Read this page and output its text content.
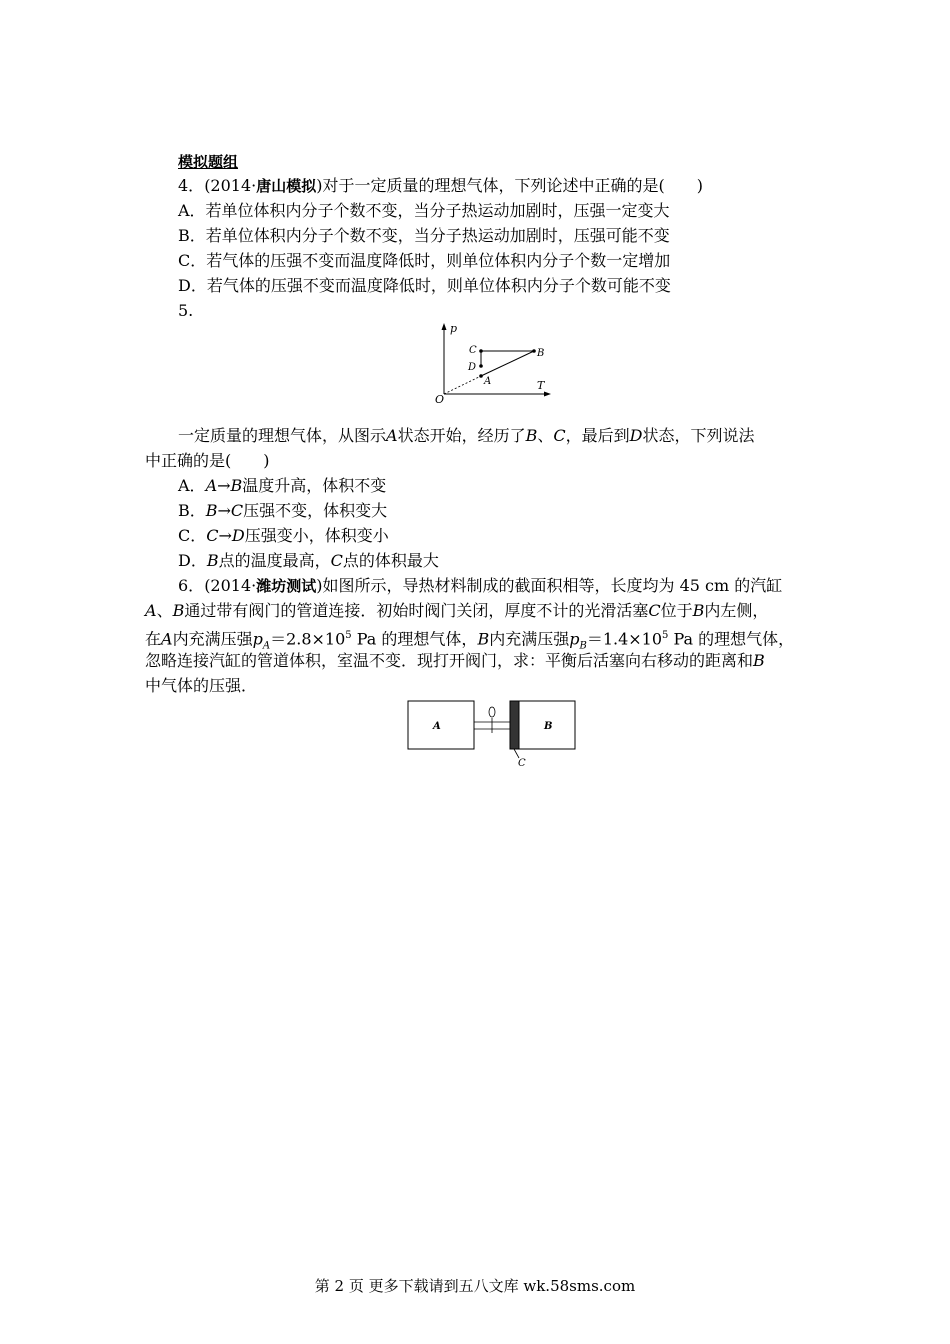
模拟题组
4．(2014·唐山模拟)对于一定质量的理想气体，下列论述中正确的是(　　)
A．若单位体积内分子个数不变，当分子热运动加剧时，压强一定变大
B．若单位体积内分子个数不变，当分子热运动加剧时，压强可能不变
C．若气体的压强不变而温度降低时，则单位体积内分子个数一定增加
D．若气体的压强不变而温度降低时，则单位体积内分子个数可能不变
5.
p
T
O
A
B
C
D
一定质量的理想气体，从图示A状态开始，经历了B、C，最后到D状态，下列说法
中正确的是(　　)
A．A→B温度升高，体积不变
B．B→C压强不变，体积变大
C．C→D压强变小，体积变小
D．B点的温度最高，C点的体积最大
6．(2014·潍坊测试)如图所示，导热材料制成的截面积相等，长度均为 45 cm 的汽缸
A、B通过带有阀门的管道连接．初始时阀门关闭，厚度不计的光滑活塞C位于B内左侧，
在A内充满压强$p_A=2.8\times 10^5$ Pa 的理想气体，B内充满压强$p_B=1.4\times 10^5$ Pa 的理想气体，
忽略连接汽缸的管道体积，室温不变．现打开阀门，求：平衡后活塞向右移动的距离和B
中气体的压强．
A	B
C
第 2 页 更多下载请到五八文库 wk.58sms.com
